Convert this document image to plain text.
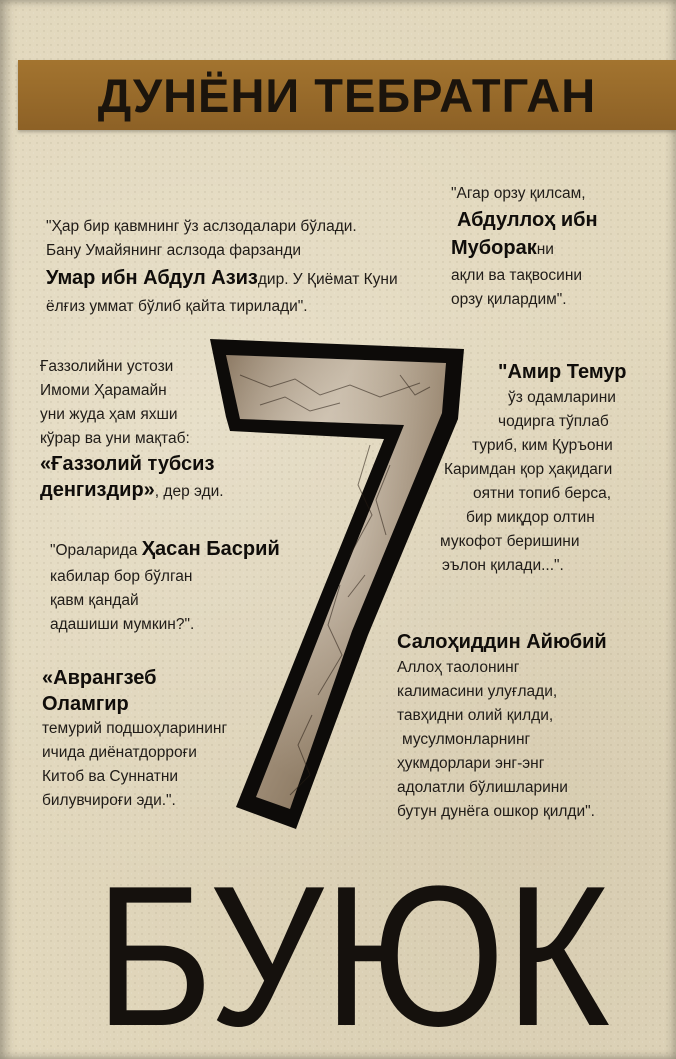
ДУНЁНИ ТЕБРАТГАН
"Ҳар бир қавмнинг ўз аслзодалари бўлади.
Бану Умайянинг аслзода фарзанди
Умар ибн Абдул Азиздир. У Қиёмат Куни
ёлғиз уммат бўлиб қайта тирилади".
"Агар орзу қилсам,
Абдуллоҳ ибн
Муборакни
ақли ва тақвосини
орзу қилардим".
Ғаззолийни устози
Имоми Ҳарамайн
уни жуда ҳам яхши
кўрар ва уни мақтаб:
«Ғаззолий тубсиз
денгиздир», дер эди.
"Амир Темур
ўз одамларини
чодирга тўплаб
туриб, ким Қуръони
Каримдан қор ҳақидаги
оятни топиб берса,
бир миқдор олтин
мукофот беришини
эълон қилади...".
"Ораларида Ҳасан Басрий
кабилар бор бўлган
қавм қандай
адашиши мумкин?".
Салоҳиддин Айюбий
Аллоҳ таолонинг
калимасини улуғлади,
тавҳидни олий қилди,
мусулмонларнинг
ҳукмдорлари энг-энг
адолатли бўлишларини
бутун дунёга ошкор қилди".
«Аврангзеб
Оламгир
темурий подшоҳларининг
ичида диёнатдорроғи
Китоб ва Суннатни
билувчироғи эди.".
БУЮК
